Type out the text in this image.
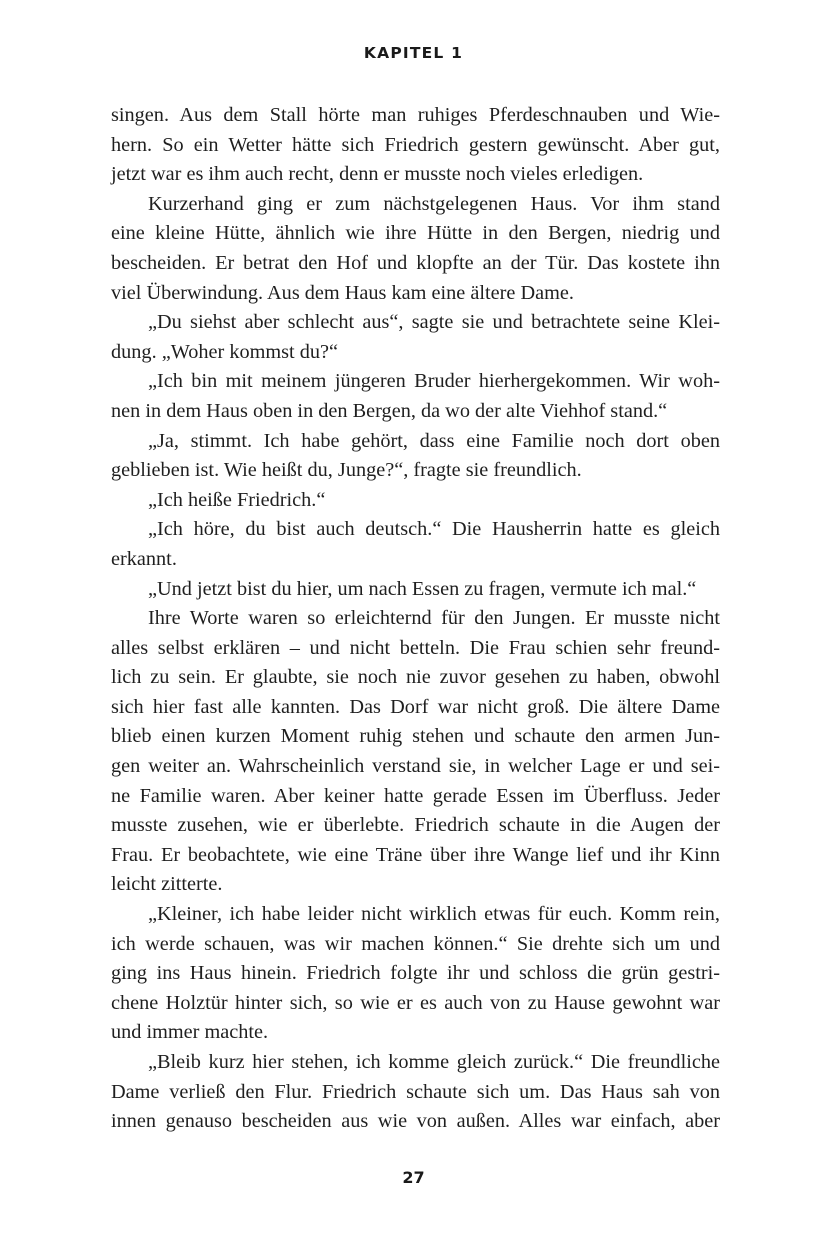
KAPITEL 1
singen. Aus dem Stall hörte man ruhiges Pferdeschnauben und Wie-
hern. So ein Wetter hätte sich Friedrich gestern gewünscht. Aber gut,
jetzt war es ihm auch recht, denn er musste noch vieles erledigen.
Kurzerhand ging er zum nächstgelegenen Haus. Vor ihm stand
eine kleine Hütte, ähnlich wie ihre Hütte in den Bergen, niedrig und
bescheiden. Er betrat den Hof und klopfte an der Tür. Das kostete ihn
viel Überwindung. Aus dem Haus kam eine ältere Dame.
„Du siehst aber schlecht aus“, sagte sie und betrachtete seine Klei-
dung. „Woher kommst du?“
„Ich bin mit meinem jüngeren Bruder hierhergekommen. Wir woh-
nen in dem Haus oben in den Bergen, da wo der alte Viehhof stand.“
„Ja, stimmt. Ich habe gehört, dass eine Familie noch dort oben
geblieben ist. Wie heißt du, Junge?“, fragte sie freundlich.
„Ich heiße Friedrich.“
„Ich höre, du bist auch deutsch.“ Die Hausherrin hatte es gleich
erkannt.
„Und jetzt bist du hier, um nach Essen zu fragen, vermute ich mal.“
Ihre Worte waren so erleichternd für den Jungen. Er musste nicht
alles selbst erklären – und nicht betteln. Die Frau schien sehr freund-
lich zu sein. Er glaubte, sie noch nie zuvor gesehen zu haben, obwohl
sich hier fast alle kannten. Das Dorf war nicht groß. Die ältere Dame
blieb einen kurzen Moment ruhig stehen und schaute den armen Jun-
gen weiter an. Wahrscheinlich verstand sie, in welcher Lage er und sei-
ne Familie waren. Aber keiner hatte gerade Essen im Überfluss. Jeder
musste zusehen, wie er überlebte. Friedrich schaute in die Augen der
Frau. Er beobachtete, wie eine Träne über ihre Wange lief und ihr Kinn
leicht zitterte.
„Kleiner, ich habe leider nicht wirklich etwas für euch. Komm rein,
ich werde schauen, was wir machen können.“ Sie drehte sich um und
ging ins Haus hinein. Friedrich folgte ihr und schloss die grün gestri-
chene Holztür hinter sich, so wie er es auch von zu Hause gewohnt war
und immer machte.
„Bleib kurz hier stehen, ich komme gleich zurück.“ Die freundliche
Dame verließ den Flur. Friedrich schaute sich um. Das Haus sah von
innen genauso bescheiden aus wie von außen. Alles war einfach, aber
27
